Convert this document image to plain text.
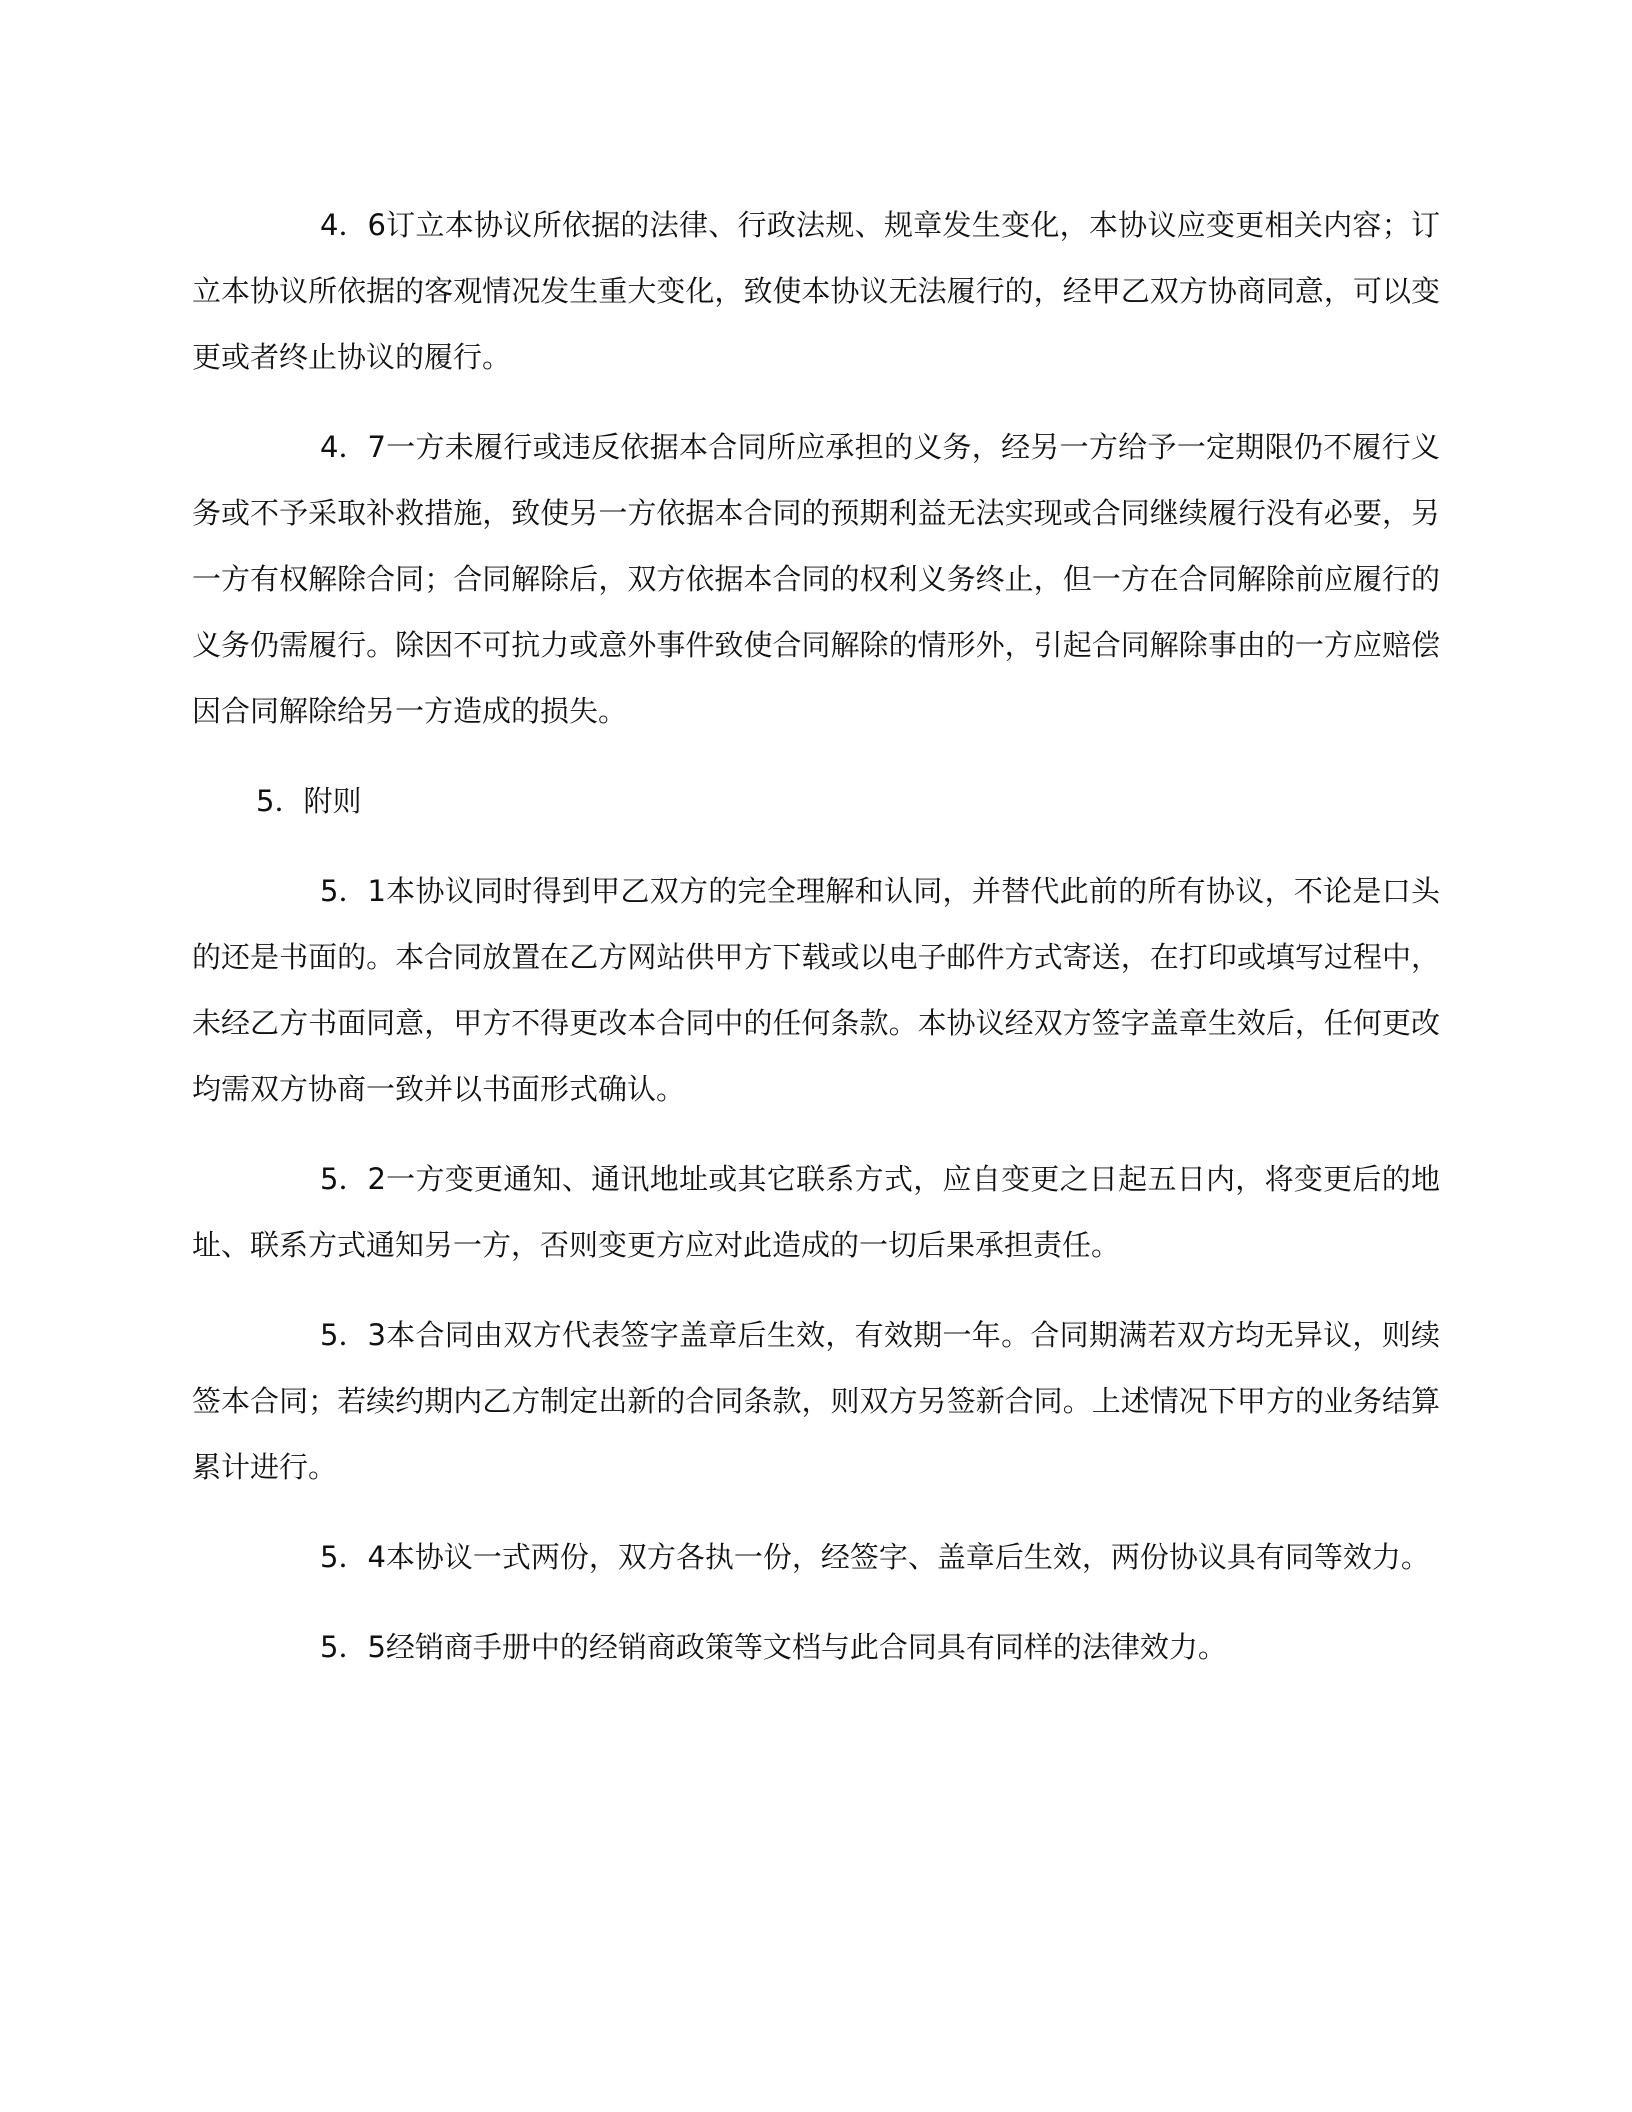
4．6订立本协议所依据的法律、行政法规、规章发生变化，本协议应变更相关内容；订立本协议所依据的客观情况发生重大变化，致使本协议无法履行的，经甲乙双方协商同意，可以变更或者终止协议的履行。

4．7一方未履行或违反依据本合同所应承担的义务，经另一方给予一定期限仍不履行义务或不予采取补救措施，致使另一方依据本合同的预期利益无法实现或合同继续履行没有必要，另一方有权解除合同；合同解除后，双方依据本合同的权利义务终止，但一方在合同解除前应履行的义务仍需履行。除因不可抗力或意外事件致使合同解除的情形外，引起合同解除事由的一方应赔偿因合同解除给另一方造成的损失。

5．附则

5．1本协议同时得到甲乙双方的完全理解和认同，并替代此前的所有协议，不论是口头的还是书面的。本合同放置在乙方网站供甲方下载或以电子邮件方式寄送，在打印或填写过程中，未经乙方书面同意，甲方不得更改本合同中的任何条款。本协议经双方签字盖章生效后，任何更改均需双方协商一致并以书面形式确认。

5．2一方变更通知、通讯地址或其它联系方式，应自变更之日起五日内，将变更后的地址、联系方式通知另一方，否则变更方应对此造成的一切后果承担责任。

5．3本合同由双方代表签字盖章后生效，有效期一年。合同期满若双方均无异议，则续签本合同；若续约期内乙方制定出新的合同条款，则双方另签新合同。上述情况下甲方的业务结算累计进行。

5．4本协议一式两份，双方各执一份，经签字、盖章后生效，两份协议具有同等效力。

5．5经销商手册中的经销商政策等文档与此合同具有同样的法律效力。
